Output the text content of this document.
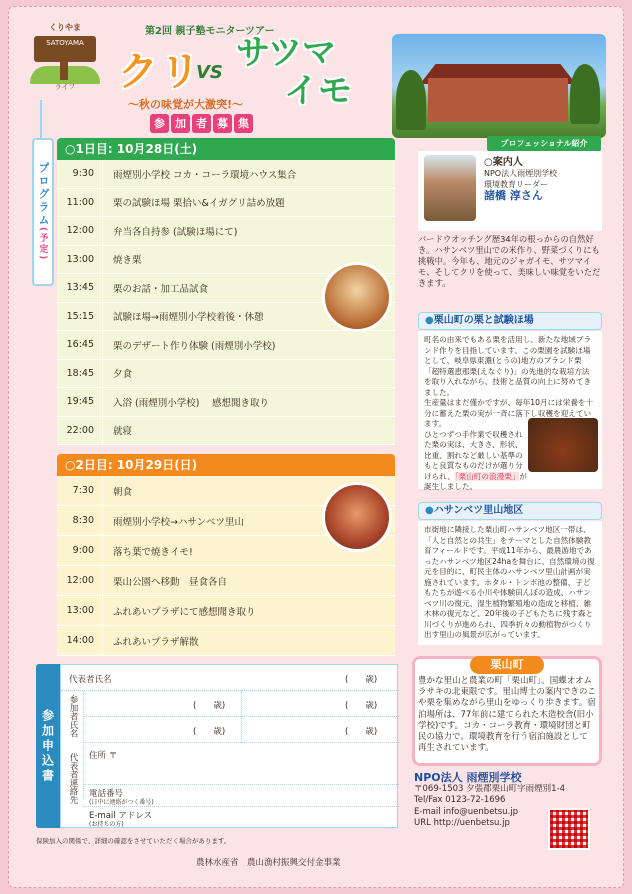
くりやま
SATOYAMA
ライフ
第2回 親子塾モニターツアー
クリ
VS サツマ
イモ
〜秋の味覚が大激突!〜
参 加 者 募 集
プログラム
(予定)
○1日目: 10月28日(土)
9:30	雨煙別小学校 コカ・コーラ環境ハウス集合
11:00	栗の試験ほ場 栗拾い&イガグリ詰め放題
12:00	弁当各自持参 (試験ほ場にて)
13:00	焼き栗
13:45	栗のお話・加工品試食
15:15	試験ほ場→雨煙別小学校着後・休憩
16:45	栗のデザート作り体験 (雨煙別小学校)
18:45	夕食
19:45	入浴 (雨煙別小学校)　 感想聞き取り
22:00	就寝
○2日目: 10月29日(日)
7:30	朝食
8:30	雨煙別小学校→ハサンベツ里山
9:00	落ち葉で焼きイモ!
12:00	栗山公園へ移動　昼食各自
13:00	ふれあいプラザにて感想聞き取り
14:00	ふれあいプラザ解散
プロフェッショナル紹介
○案内人
NPO法人雨煙別学校
環境教育リーダー
諸橋 淳さん
バードウオッチング歴34年の根っからの自然好き。ハサンベツ里山での米作り、野菜づくりにも挑戦中。今年も、地元のジャガイモ、サツマイモ、そしてクリを使って、美味しい味覚をいただきます。
●栗山町の栗と試験ほ場
町名の由来でもある栗を活用し、新たな地域ブランド作りを目指しています。この栗園を試験ほ場として、岐阜県東濃(とうの)地方のブランド栗「超特選恵那栗(えなぐり)」の先進的な栽培方法を取り入れながら、技術と品質の向上に努めてきました。
生産量はまだ僅かですが、毎年10月には栄養を十分に蓄えた栗の実が一斉に落下し収穫を迎えています。
ひとつずつ手作業で収穫された栗の実は、大きさ、形状、比重、割れなど厳しい基準のもと良質なものだけが選り分けられ、「栗山町の浪漫栗」が誕生しました。
●ハサンベツ里山地区
市街地に隣接した栗山町ハサンベツ地区一帯は、「人と自然との共生」をテーマとした自然体験教育フィールドです。平成11年から、最農游地であったハサンベツ地区24haを舞台に、自然環境の復元を目的に、町民主体のハサンベツ里山計画が実施されています。ホタル・トンボ池の整備、子どもたちが遊べる小川や体験田んぼの造成、ハサンベツ川の復元、湿生植物繁殖地の造成と移植、雑木林の復元など、20年後の子どもたちに残す森と川づくりが進められ、四季折々の動植物がつくり出す里山の風景が広がっています。
栗山町
豊かな里山と農業の町「栗山町」。国蝶オオムラサキの北東限です。里山博士の案内できのこや栗を集めながら里山をゆっくり歩きます。宿泊場所は、77年前に建てられた木造校舎(旧小学校)です。コカ・コーラ教育・環境財団と町民の協力で、環境教育を行う宿泊施設として再生されています。
NPO法人 雨煙別学校
〒069-1503 夕張郡栗山町字雨煙別1-4
Tel/Fax 0123-72-1696
E-mail info@uenbetsu.jp
URL http://uenbetsu.jp
参加申込書
代表者氏名	(　　歳)
参加者氏名	(　　歳)	(　　歳)
(　　歳)	(　　歳)
代表者連絡先 住所 〒
電話番号
(日中に連絡がつく番号)
E-mail アドレス
(お持ちの方)
保険加入の関係で、詳細の確認をさせていただく場合があります。
農林水産省　農山漁村振興交付金事業
